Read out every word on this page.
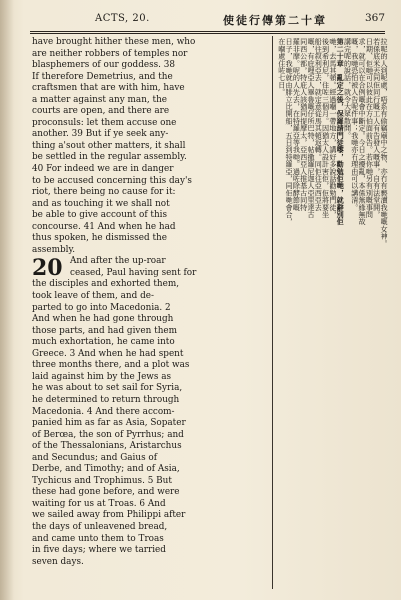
ACTS, 20.	使徒行傳第二十章	367
have brought hither these men, who
are neither robbers of temples nor
blasphemers of our goddess. 38
If therefore Demetrius, and the
craftsmen that are with him, have
a matter against any man, the
courts are open, and there are
proconsuls: let them accuse one
another. 39 But if ye seek any-
thing a'sout other matters, it shall
be settled in the regular assembly.
40 For indeed we are in danger
to be accused concerning this day's
riot, there being no cause for it:
and as touching it we shall not
be able to give account of this
concourse. 41 And when he had
thus spoken, he dismissed the
assembly.
20 And after the up-roar
ceased, Paul having sent for
the disciples and exhorted them,
took leave of them, and de-
parted to go into Macedonia. 2
And when he had gone through
those parts, and had given them
much exhortation, he came into
Greece. 3 And when he had spent
three months there, and a plot was
laid against him by the Jews as
he was about to set sail for Syria,
he determined to return through
Macedonia. 4 And there accom-
panied him as far as Asia, Sopater
of Berœa, the son of Pyrrhus; and
of the Thessalonians, Aristarchus
and Secundus; and Gaius of
Derbe, and Timothy; and of Asia,
Tychicus and Trophimus. 5 But
these had gone before, and were
waiting for us at Troas. 6 And
we sailed away from Philippi after
the days of unleavened bread,
and came unto them to Troas
in five days; where we tarried
seven days.
拉呢的人到呢處，唔系有偷竊廟中之物、亦冇有褻瀆我哋嘅女神。
若係底米丟同佢同行嘅工人有告發人嘅事，自有法堂開，
日期、佢哋可以彼此在方伯面前告。若你哋另有別嘅事問
求，就可以在合例嘅會中斷定。今日之擾亂，本係無緣無故
嘅，我哋恐怕被人告呢件事；我哋亦冇理由可以講清。
講完呢的說話，就令大眾散開。
第二十章　亂定之後，保羅請門徒嚟，勸勉佢哋，就辭別佢
哋，去馬其頓。經過嗰一帶地方，講好多說話勸勉門徒，
後到希利尼，住咗三個月。因猶太人設計害佢，佢將要坐
船往叙利亞去，就定意從馬其頓返轉。同佢往亞西亞去
嘅，有庇哩亞人畢魯嘅仔所巴特，帖撒羅尼迦人亞里達古
同西公都，特庇人該猶同提摩太，亞西亞人推基古同特
羅非摩。呢的人先去，在特羅亞等我哋。過咗除酵節嘅
日子，我哋就由腓立比開船，五日到特羅亞，同佢哋會合，
在嗰處住咗七日。
